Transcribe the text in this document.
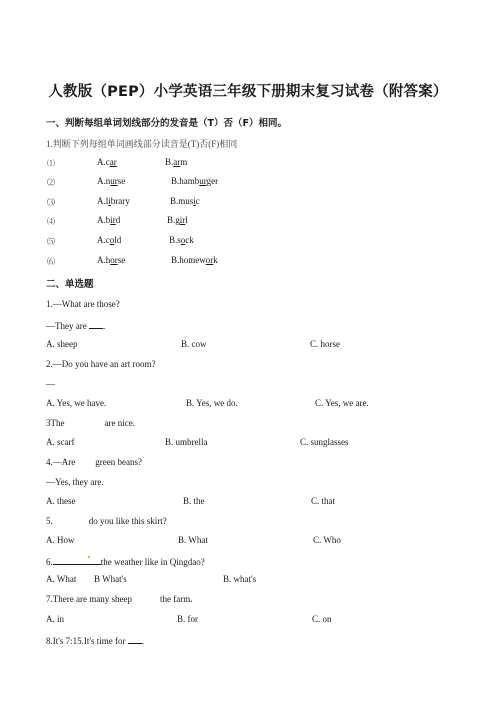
人教版（PEP）小学英语三年级下册期末复习试卷（附答案）
一、判断每组单词划线部分的发音是（T）否（F）相同。
1.判断下列每组单词画线部分读音是(T)否(F)相同
⑴	A.car	B.arm
⑵	A.nurse	B.hamburger
⑶	A.library	B.music
⑷	A.bird	B.girl
⑸	A.cold	B.sock
⑹	A.horse	B.homework
二、单选题
1.—What are those?
—They are .
A. sheep	B. cow	C. horse
2.—Do you have an art room?
—
A. Yes, we have.	B. Yes, we do.	C. Yes, we are.
3The	are nice.
A. scarf	B. umbrella	C. sunglasses
4.—Are green beans?
—Yes, they are.
A. these	B. the	C. that
5.	do you like this skirt?
A. How	B. What	C. Who
6.	the weather like in Qingdao?
A. What B What's	B. what's
7.There are many sheep	the farm.
A. in	B. for	C. on
8.It's 7:15.It's time for .
